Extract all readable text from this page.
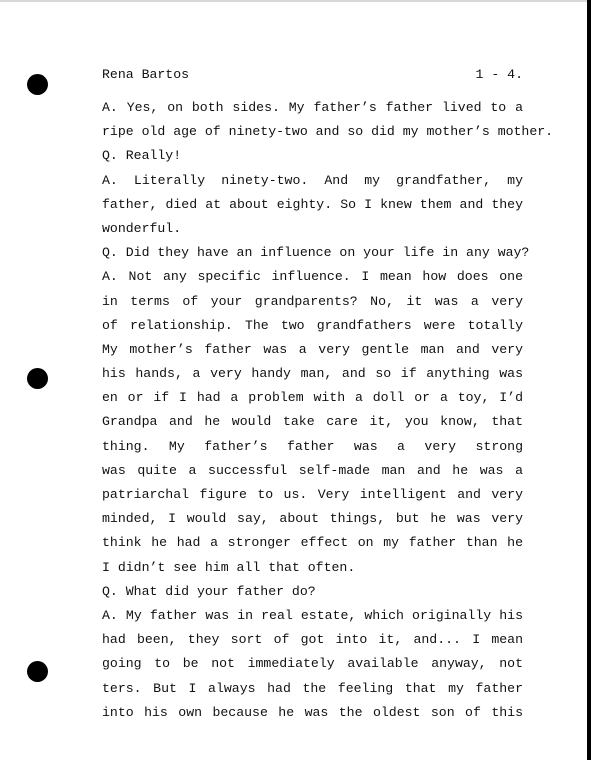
Rena Bartos	1 - 4.
A. Yes, on both sides. My father’s father lived to a
ripe old age of ninety-two and so did my mother’s mother.
Q. Really!
A. Literally ninety-two. And my grandfather, my
father, died at about eighty. So I knew them and they
wonderful.
Q. Did they have an influence on your life in any way?
A. Not any specific influence. I mean how does one
in terms of your grandparents? No, it was a very
of relationship. The two grandfathers were totally
My mother’s father was a very gentle man and very
his hands, a very handy man, and so if anything was
en or if I had a problem with a doll or a toy, I’d
Grandpa and he would take care it, you know, that
thing. My father’s father was a very strong
was quite a successful self-made man and he was a
patriarchal figure to us. Very intelligent and very
minded, I would say, about things, but he was very
think he had a stronger effect on my father than he
I didn’t see him all that often.
Q. What did your father do?
A. My father was in real estate, which originally his
had been, they sort of got into it, and... I mean
going to be not immediately available anyway, not
ters. But I always had the feeling that my father
into his own because he was the oldest son of this
